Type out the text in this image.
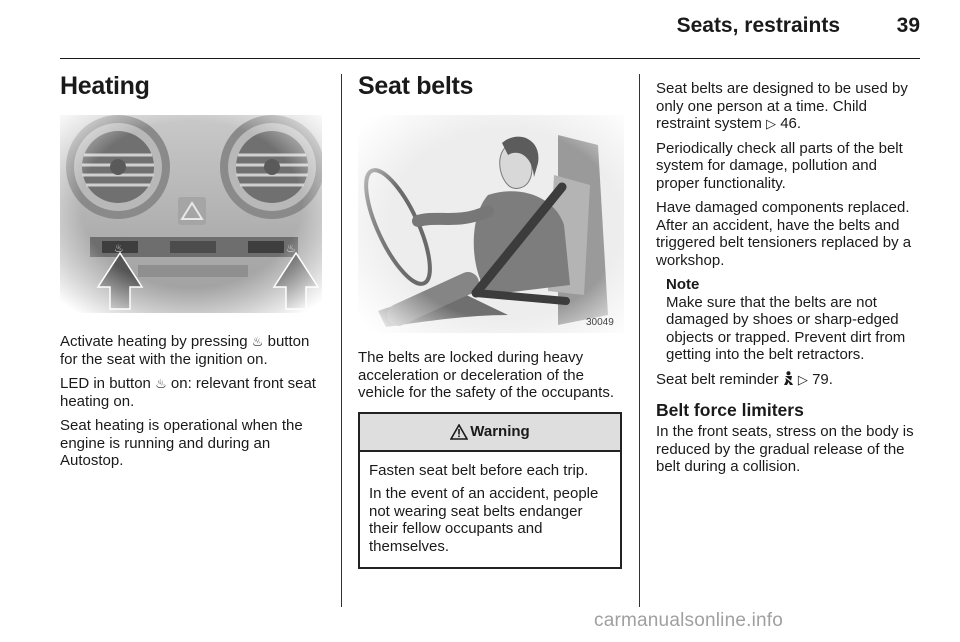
Seats, restraints	39
Heating

Activate heating by pressing ♨ button for the seat with the ignition on.

LED in button ♨ on: relevant front seat heating on.

Seat heating is operational when the engine is running and during an Autostop.

Seat belts
30049

The belts are locked during heavy acceleration or deceleration of the vehicle for the safety of the occupants.

Warning

Fasten seat belt before each trip.

In the event of an accident, people not wearing seat belts endanger their fellow occupants and themselves.

Seat belts are designed to be used by only one person at a time. Child restraint system ▷ 46.

Periodically check all parts of the belt system for damage, pollution and proper functionality.

Have damaged components replaced. After an accident, have the belts and triggered belt tensioners replaced by a workshop.

Note
Make sure that the belts are not damaged by shoes or sharp-edged objects or trapped. Prevent dirt from getting into the belt retractors.

Seat belt reminder  ▷ 79.

Belt force limiters

In the front seats, stress on the body is reduced by the gradual release of the belt during a collision.

carmanualsonline.info
